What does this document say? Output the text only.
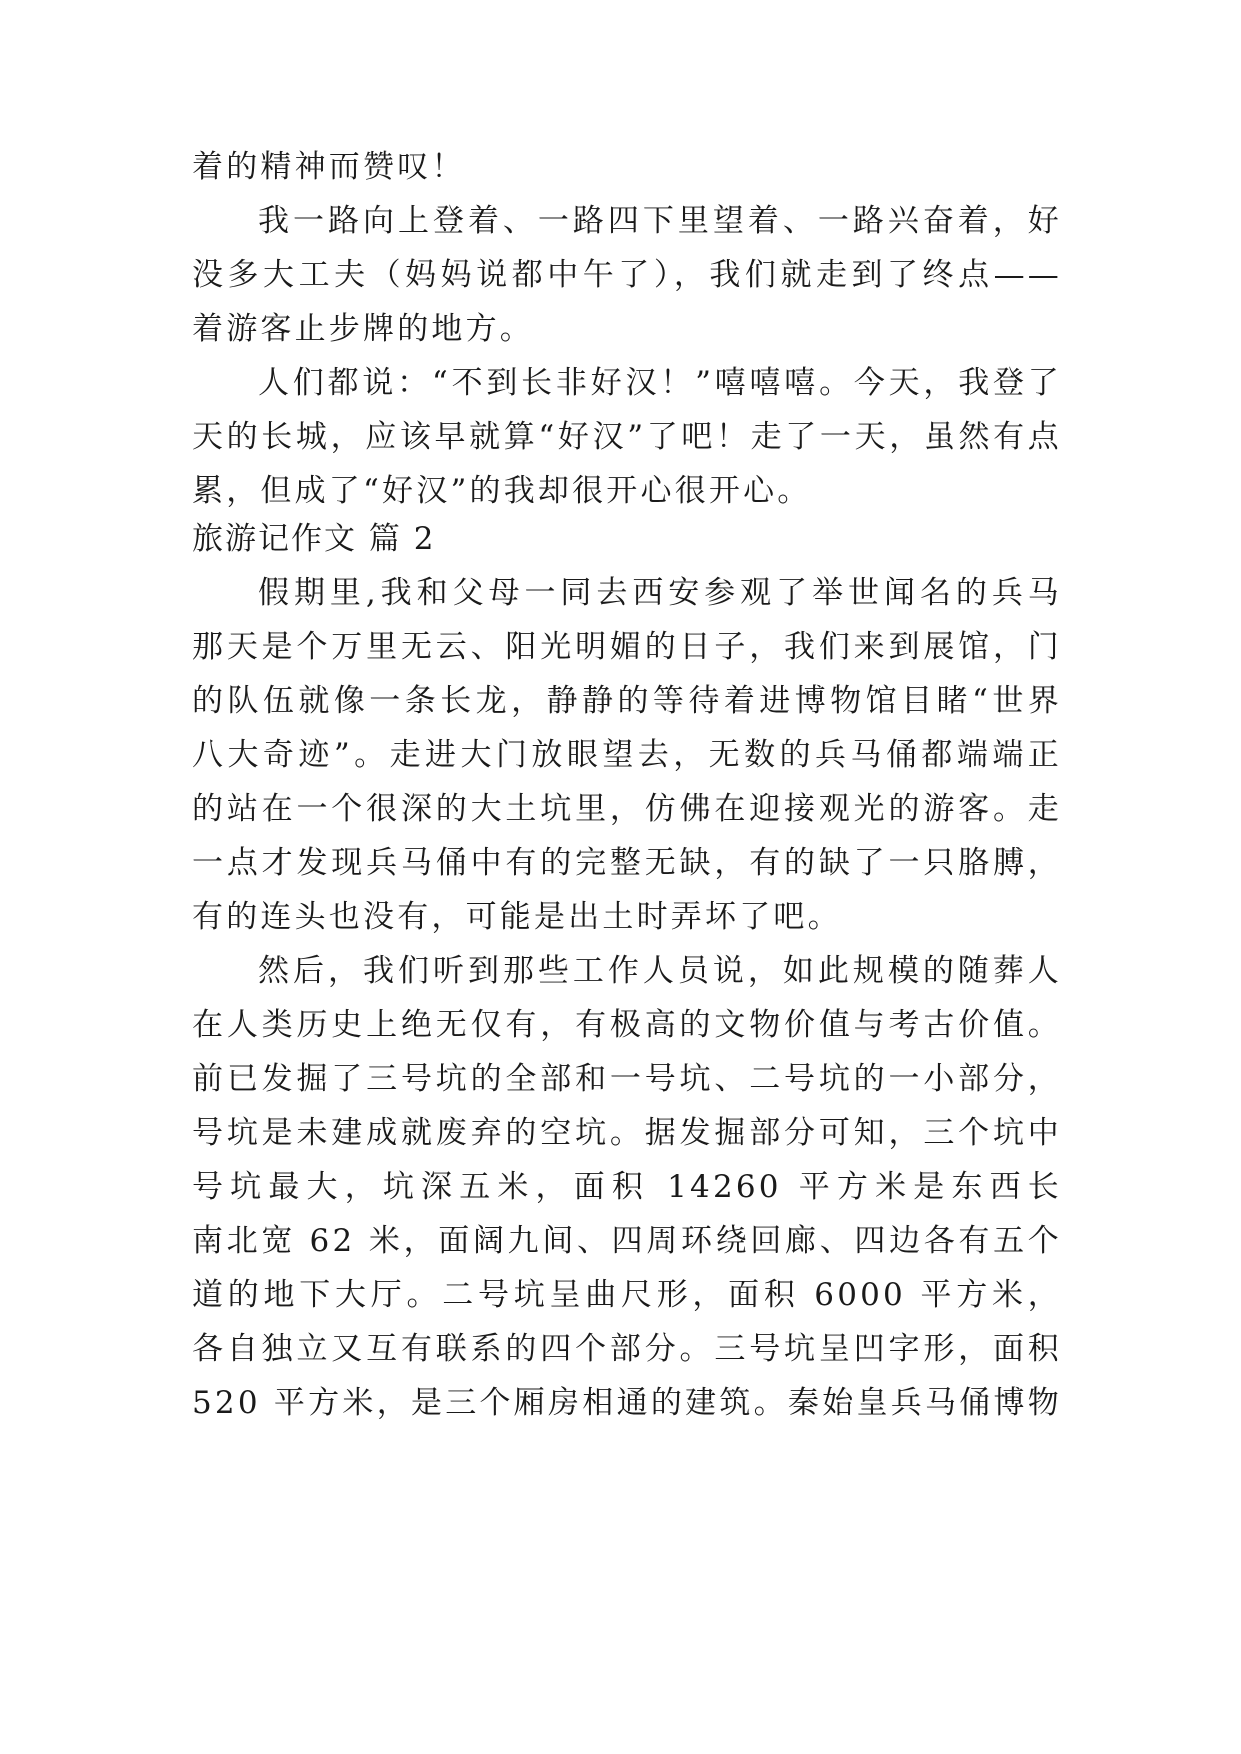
着的精神而赞叹！
我一路向上登着、一路四下里望着、一路兴奋着，好
没多大工夫（妈妈说都中午了），我们就走到了终点——
着游客止步牌的地方。
人们都说：“不到长非好汉！”嘻嘻嘻。今天，我登了
天的长城，应该早就算“好汉”了吧！走了一天，虽然有点
累，但成了“好汉”的我却很开心很开心。
旅游记作文 篇 2
假期里,我和父母一同去西安参观了举世闻名的兵马
那天是个万里无云、阳光明媚的日子，我们来到展馆，门
的队伍就像一条长龙，静静的等待着进博物馆目睹“世界
八大奇迹”。走进大门放眼望去，无数的兵马俑都端端正
的站在一个很深的大土坑里，仿佛在迎接观光的游客。走
一点才发现兵马俑中有的完整无缺，有的缺了一只胳膊，
有的连头也没有，可能是出土时弄坏了吧。
然后，我们听到那些工作人员说，如此规模的随葬人
在人类历史上绝无仅有，有极高的文物价值与考古价值。
前已发掘了三号坑的全部和一号坑、二号坑的一小部分，
号坑是未建成就废弃的空坑。据发掘部分可知，三个坑中
号坑最大，坑深五米，面积 14260 平方米是东西长
南北宽 62 米，面阔九间、四周环绕回廊、四边各有五个
道的地下大厅。二号坑呈曲尺形，面积 6000 平方米，
各自独立又互有联系的四个部分。三号坑呈凹字形，面积
520 平方米，是三个厢房相通的建筑。秦始皇兵马俑博物
